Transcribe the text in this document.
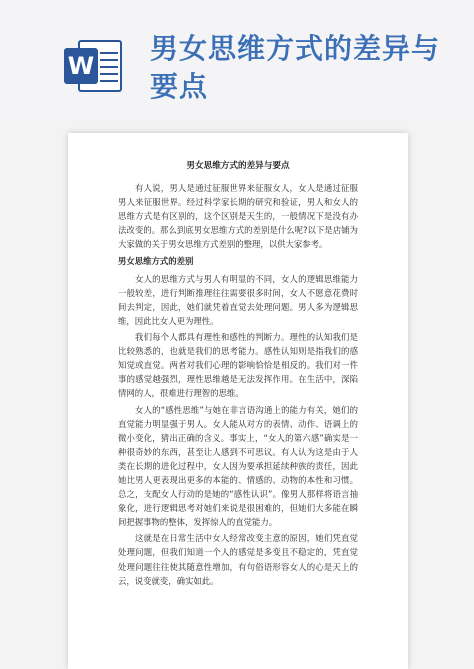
W
男女思维方式的差异与要点
男女思维方式的差异与要点

有人说，男人是通过征服世界来征服女人，女人是通过征服男人来征服世界。经过科学家长期的研究和验证，男人和女人的思维方式是有区别的，这个区别是天生的，一般情况下是没有办法改变的。那么到底男女思维方式的差别是什么呢?以下是店铺为大家做的关于男女思维方式差别的整理，以供大家参考。

男女思维方式的差别

女人的思维方式与男人有明显的不同，女人的逻辑思维能力一般较差，进行判断推理往往需要很多时间，女人不愿意花费时间去判定，因此，她们就凭着直觉去处理问题。男人多为逻辑思维，因此比女人更为理性。

我们每个人都具有理性和感性的判断力。理性的认知我们是比较熟悉的，也就是我们的思考能力。感性认知则是指我们的感知觉或直觉。两者对我们心理的影响恰恰是相反的。我们对一件事的感觉越强烈，理性思维越是无法发挥作用。在生活中，深陷情网的人，很难进行理智的思维。

女人的“感性思维”与她在非言语沟通上的能力有关，她们的直觉能力明显强于男人。女人能从对方的表情、动作、语调上的微小变化，猜出正确的含义。事实上，“女人的第六感”确实是一种很奇妙的东西，甚至让人感到不可思议。有人认为这是由于人类在长期的进化过程中，女人因为要承担延续种族的责任，因此她比男人更表现出更多的本能的、情感的、动物的本性和习惯。总之，支配女人行动的是她的“感性认识”。像男人那样将语言抽象化，进行逻辑思考对她们来说是很困难的，但她们大多能在瞬间把握事物的整体，发挥惊人的直觉能力。

这就是在日常生活中女人经常改变主意的原因，她们凭直觉处理问题，但我们知道一个人的感觉是多变且不稳定的，凭直觉处理问题往往使其随意性增加，有句俗语形容女人的心是天上的云，说变就变，确实如此。
